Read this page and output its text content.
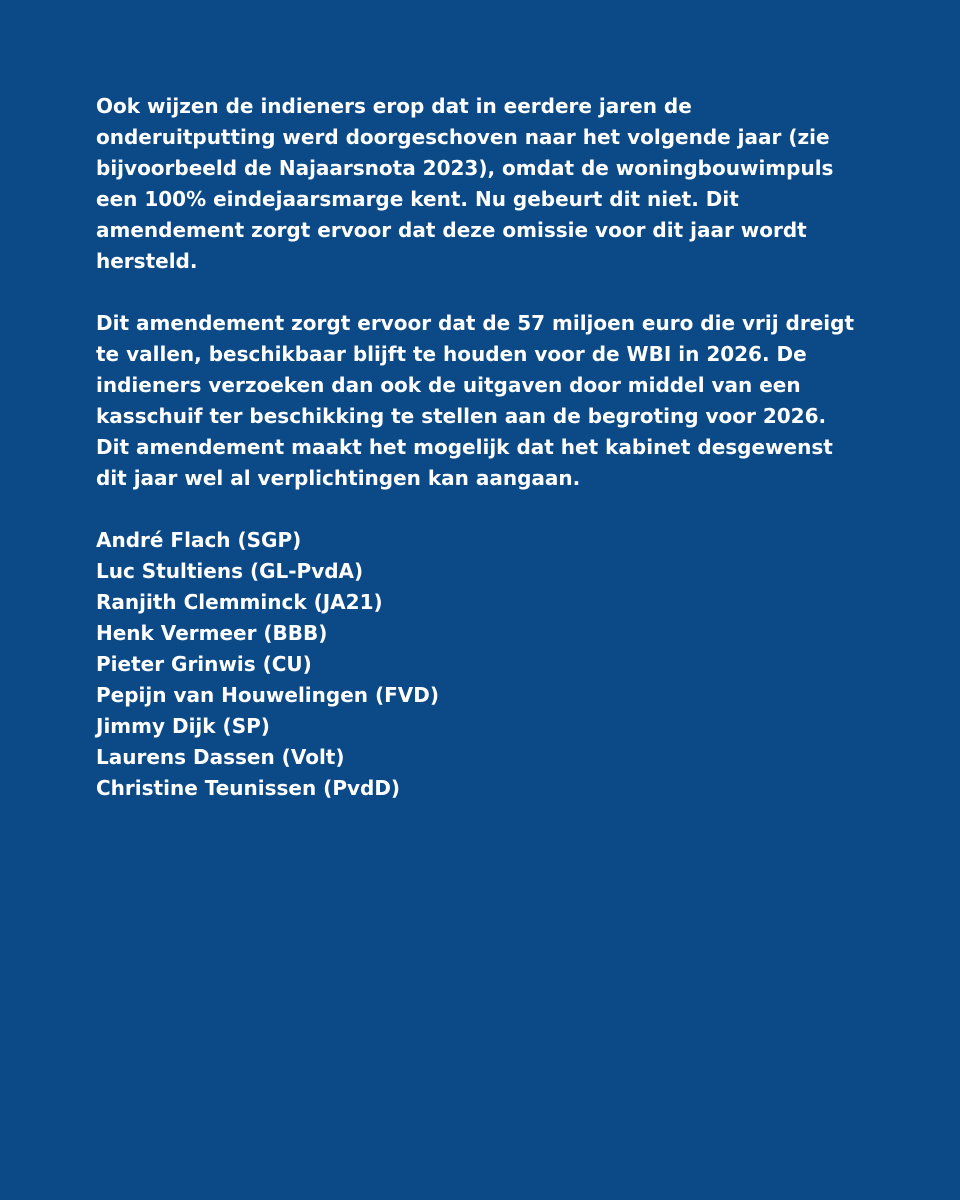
Ook wijzen de indieners erop dat in eerdere jaren de
onderuitputting werd doorgeschoven naar het volgende jaar (zie
bijvoorbeeld de Najaarsnota 2023), omdat de woningbouwimpuls
een 100% eindejaarsmarge kent. Nu gebeurt dit niet. Dit
amendement zorgt ervoor dat deze omissie voor dit jaar wordt
hersteld.
Dit amendement zorgt ervoor dat de 57 miljoen euro die vrij dreigt
te vallen, beschikbaar blijft te houden voor de WBI in 2026. De
indieners verzoeken dan ook de uitgaven door middel van een
kasschuif ter beschikking te stellen aan de begroting voor 2026.
Dit amendement maakt het mogelijk dat het kabinet desgewenst
dit jaar wel al verplichtingen kan aangaan.
André Flach (SGP)
Luc Stultiens (GL-PvdA)
Ranjith Clemminck (JA21)
Henk Vermeer (BBB)
Pieter Grinwis (CU)
Pepijn van Houwelingen (FVD)
Jimmy Dijk (SP)
Laurens Dassen (Volt)
Christine Teunissen (PvdD)
